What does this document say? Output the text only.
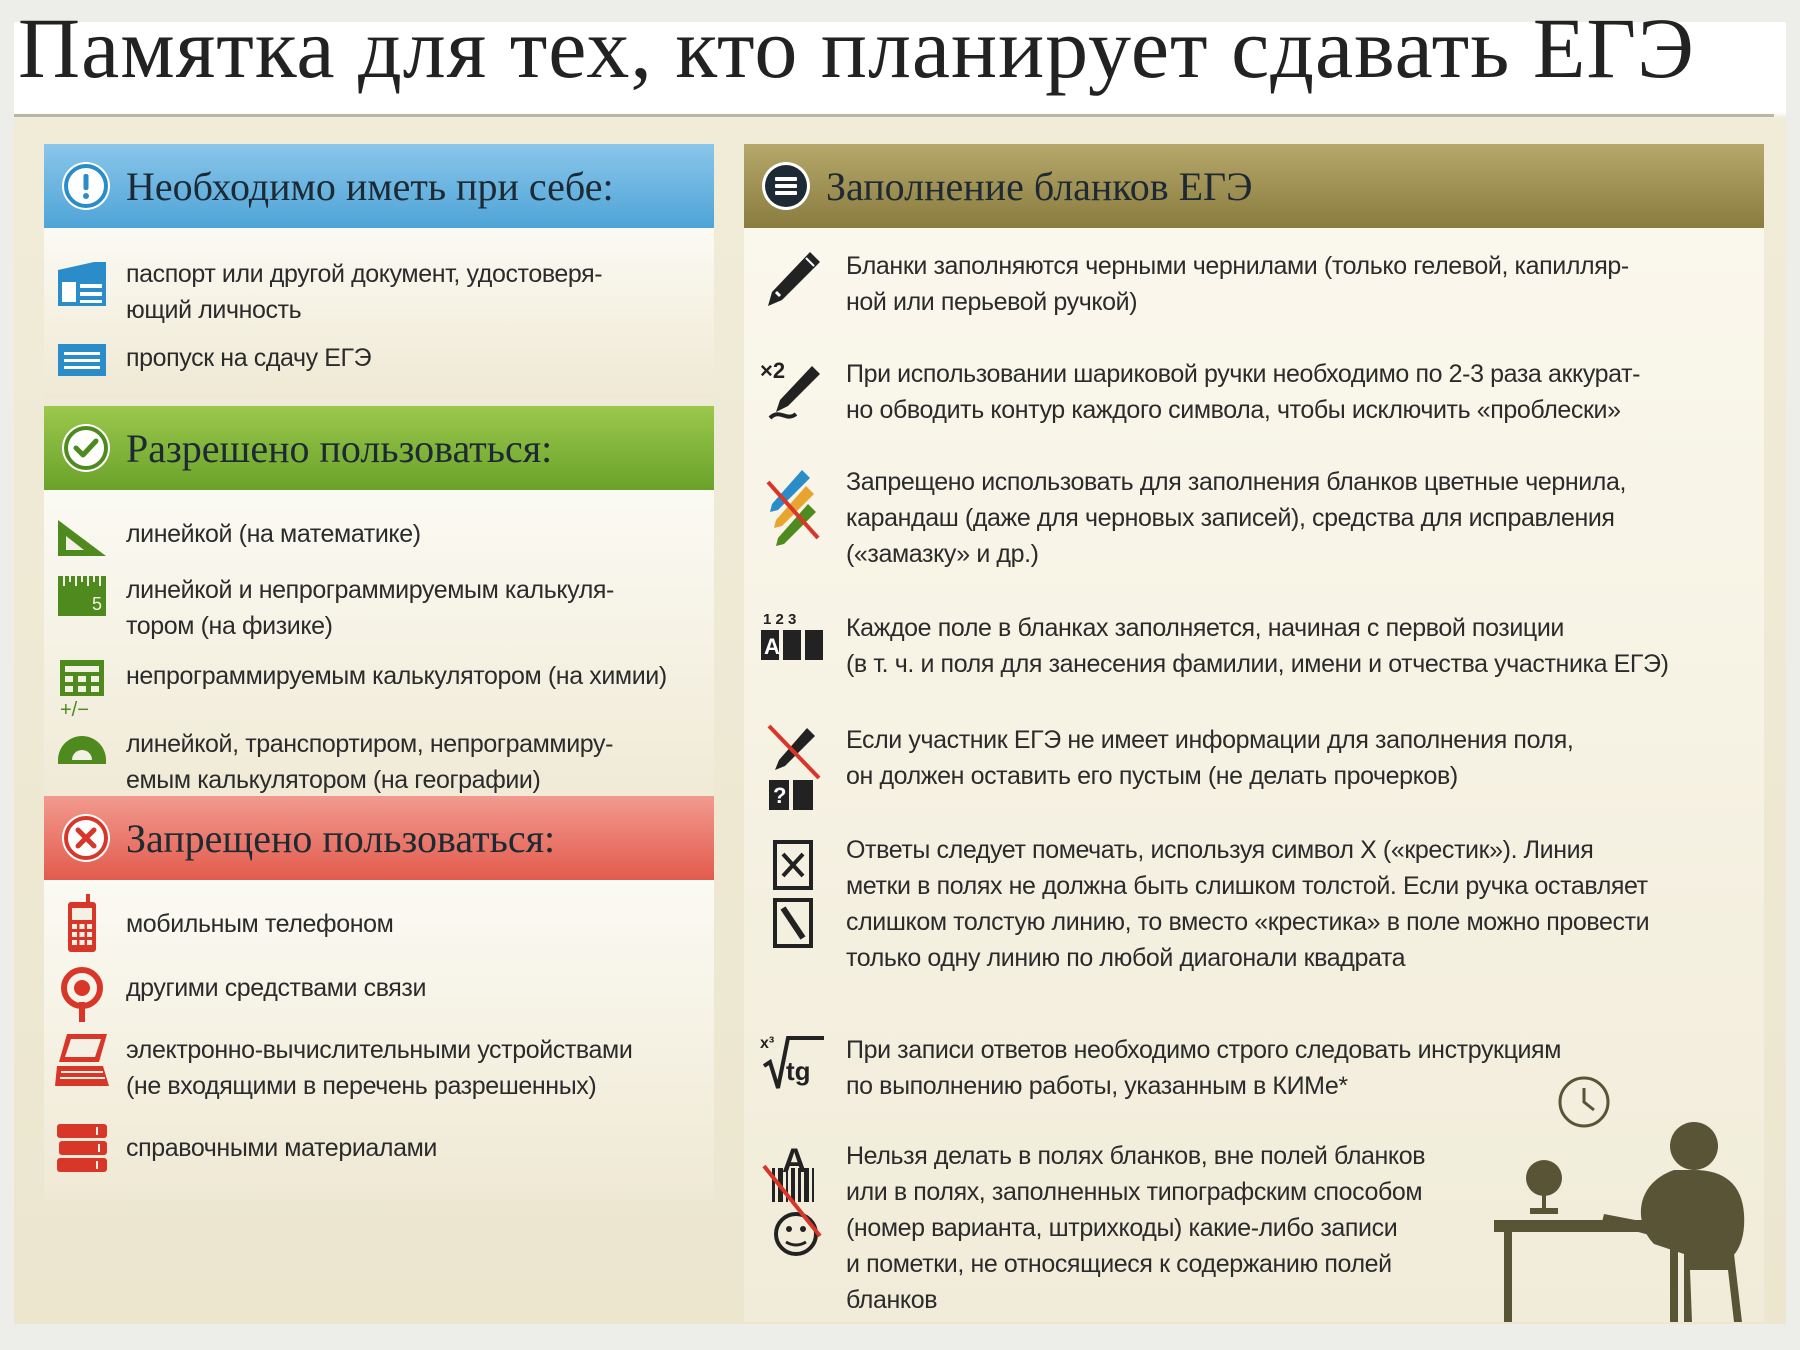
Памятка для тех, кто планирует сдавать ЕГЭ
Необходимо иметь при себе:
паспорт или другой документ, удостоверя-
ющий личность
пропуск на сдачу ЕГЭ
Разрешено пользоваться:
линейкой (на математике)
5 линейкой и непрограммируемым калькуля-
тором (на физике)
+/−
непрограммируемым калькулятором (на химии)
линейкой, транспортиром, непрограммиру-
емым калькулятором (на географии)
Запрещено пользоваться:
мобильным телефоном
другими средствами связи
электронно-вычислительными устройствами
(не входящими в перечень разрешенных)
справочными материалами
Заполнение бланков ЕГЭ
Бланки заполняются черными чернилами (только гелевой, капилляр-
ной или перьевой ручкой)
×2 При использовании шариковой ручки необходимо по 2-3 раза аккурат-
но обводить контур каждого символа, чтобы исключить «проблески»
Запрещено использовать для заполнения бланков цветные чернила,
карандаш (даже для черновых записей), средства для исправления
(«замазку» и др.)
1 2 3
A
Каждое поле в бланках заполняется, начиная с первой позиции
(в т. ч. и поля для занесения фамилии, имени и отчества участника ЕГЭ)
?
Если участник ЕГЭ не имеет информации для заполнения поля,
он должен оставить его пустым (не делать прочерков)
Ответы следует помечать, используя символ X («крестик»). Линия
метки в полях не должна быть слишком толстой. Если ручка оставляет
слишком толстую линию, то вместо «крестика» в поле можно провести
только одну линию по любой диагонали квадрата
x³
tg
При записи ответов необходимо строго следовать инструкциям
по выполнению работы, указанным в КИМе*
A Нельзя делать в полях бланков, вне полей бланков
или в полях, заполненных типографским способом
(номер варианта, штрихкоды) какие-либо записи
и пометки, не относящиеся к содержанию полей
бланков
